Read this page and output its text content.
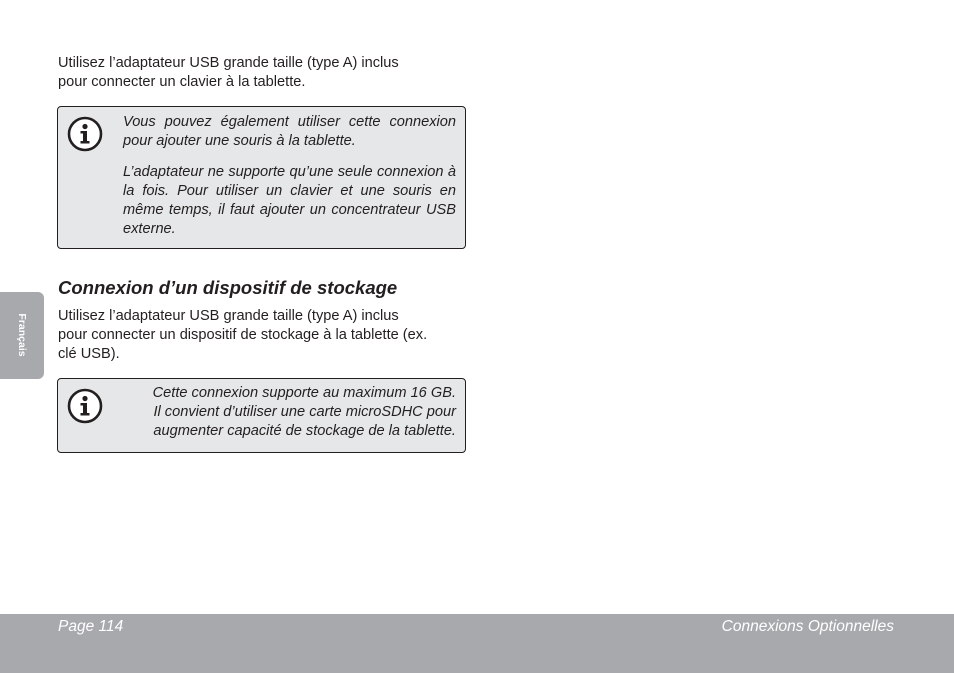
Utilisez l’adaptateur USB grande taille (type A) inclus
pour connecter un clavier à la tablette.

Vous pouvez également utiliser cette connexion pour ajouter une souris à la tablette.

L’adaptateur ne supporte qu’une seule connexion à la fois. Pour utiliser un clavier et une souris en même temps, il faut ajouter un concentrateur USB externe.

Connexion d’un dispositif de stockage

Utilisez l’adaptateur USB grande taille (type A) inclus
pour connecter un dispositif de stockage à la tablette (ex.
clé USB).

Cette connexion supporte au maximum 16 GB.
Il convient d’utiliser une carte microSDHC pour
augmenter capacité de stockage de la tablette.

Français
Page 114	Connexions Optionnelles
